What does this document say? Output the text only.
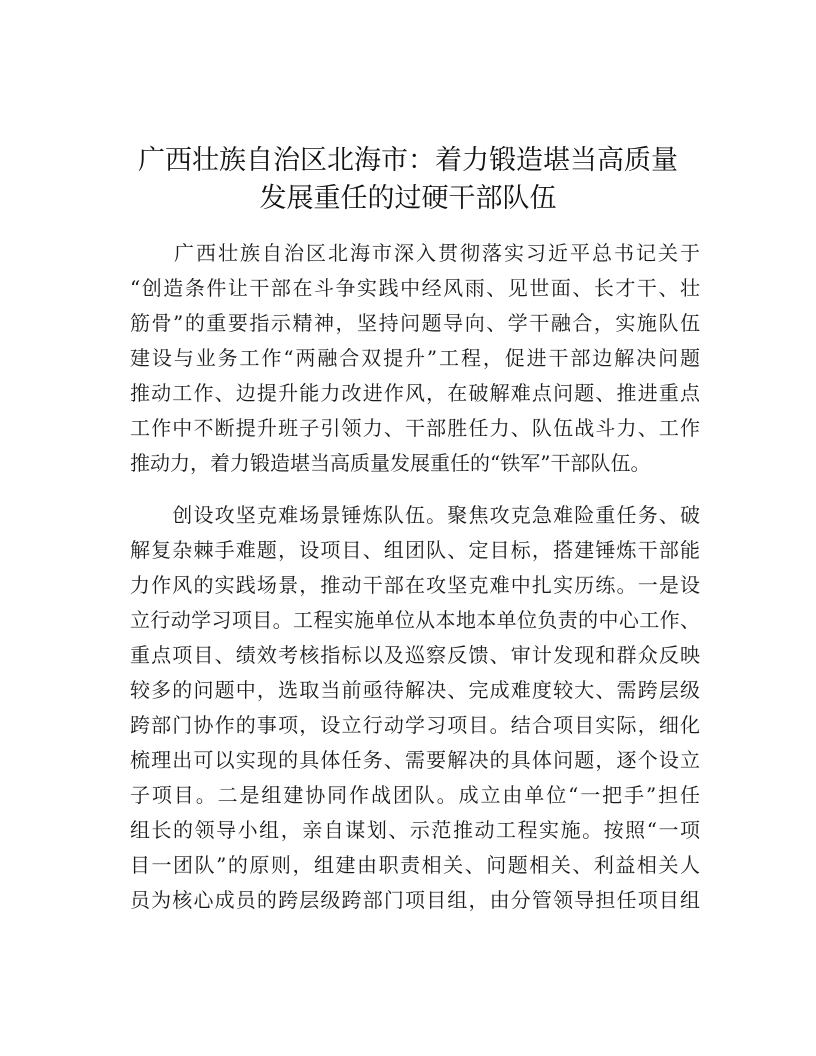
广西壮族自治区北海市：着力锻造堪当高质量
发展重任的过硬干部队伍
　　广西壮族自治区北海市深入贯彻落实习近平总书记关于
“创造条件让干部在斗争实践中经风雨、见世面、长才干、壮
筋骨”的重要指示精神，坚持问题导向、学干融合，实施队伍
建设与业务工作“两融合双提升”工程，促进干部边解决问题
推动工作、边提升能力改进作风，在破解难点问题、推进重点
工作中不断提升班子引领力、干部胜任力、队伍战斗力、工作
推动力，着力锻造堪当高质量发展重任的“铁军”干部队伍。
　　创设攻坚克难场景锤炼队伍。聚焦攻克急难险重任务、破
解复杂棘手难题，设项目、组团队、定目标，搭建锤炼干部能
力作风的实践场景，推动干部在攻坚克难中扎实历练。一是设
立行动学习项目。工程实施单位从本地本单位负责的中心工作、
重点项目、绩效考核指标以及巡察反馈、审计发现和群众反映
较多的问题中，选取当前亟待解决、完成难度较大、需跨层级
跨部门协作的事项，设立行动学习项目。结合项目实际，细化
梳理出可以实现的具体任务、需要解决的具体问题，逐个设立
子项目。二是组建协同作战团队。成立由单位“一把手”担任
组长的领导小组，亲自谋划、示范推动工程实施。按照“一项
目一团队”的原则，组建由职责相关、问题相关、利益相关人
员为核心成员的跨层级跨部门项目组，由分管领导担任项目组
